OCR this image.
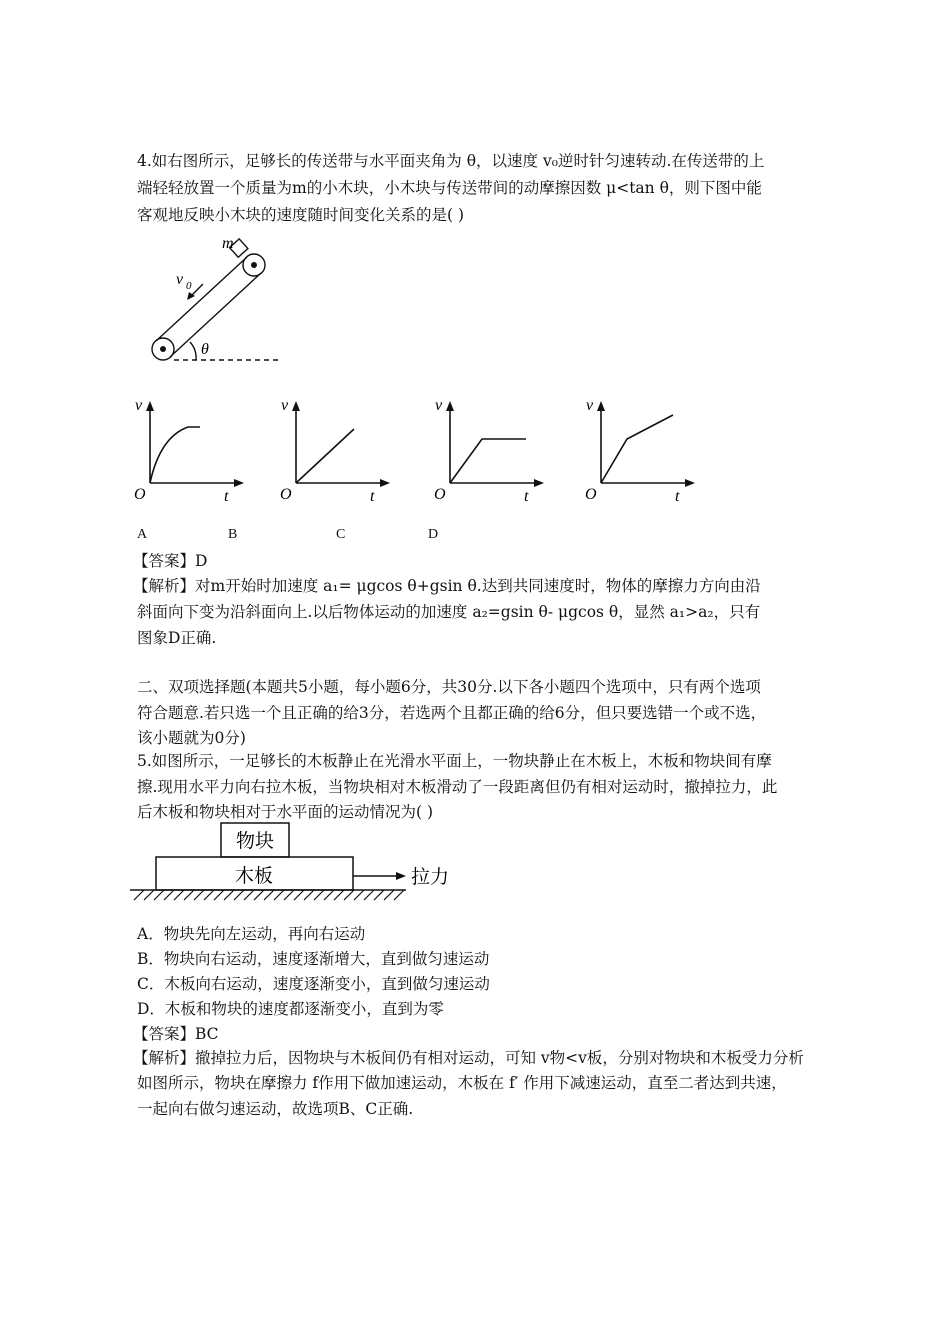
4.如右图所示，足够长的传送带与水平面夹角为 θ，以速度 v₀逆时针匀速转动.在传送带的上
端轻轻放置一个质量为m的小木块，小木块与传送带间的动摩擦因数 μ<tan θ，则下图中能
客观地反映小木块的速度随时间变化关系的是( )
m
v 0
θ
v
O	t
v
O	t
v
O	t
v
O	t
A	B	C	D
【答案】D
【解析】对m开始时加速度 a₁= μgcos θ+gsin θ.达到共同速度时，物体的摩擦力方向由沿
斜面向下变为沿斜面向上.以后物体运动的加速度 a₂=gsin θ- μgcos θ，显然 a₁>a₂，只有
图象D正确.
二、双项选择题(本题共5小题，每小题6分，共30分.以下各小题四个选项中，只有两个选项
符合题意.若只选一个且正确的给3分，若选两个且都正确的给6分，但只要选错一个或不选，
该小题就为0分)
5.如图所示，一足够长的木板静止在光滑水平面上，一物块静止在木板上，木板和物块间有摩
擦.现用水平力向右拉木板，当物块相对木板滑动了一段距离但仍有相对运动时，撤掉拉力，此
后木板和物块相对于水平面的运动情况为( )
物块
木板	拉力
A．物块先向左运动，再向右运动
B．物块向右运动，速度逐渐增大，直到做匀速运动
C．木板向右运动，速度逐渐变小，直到做匀速运动
D．木板和物块的速度都逐渐变小，直到为零
【答案】BC
【解析】撤掉拉力后，因物块与木板间仍有相对运动，可知 v物<v板，分别对物块和木板受力分析
如图所示，物块在摩擦力 f作用下做加速运动，木板在 f′ 作用下减速运动，直至二者达到共速，
一起向右做匀速运动，故选项B、C正确.
